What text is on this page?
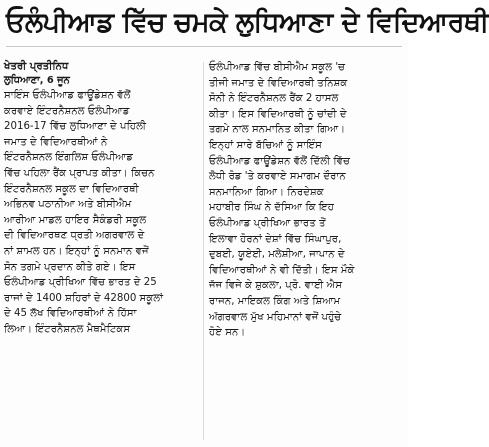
ਓਲੰਪੀਆਡ ਵਿੱਚ ਚਮਕੇ ਲੁਧਿਆਣਾ ਦੇ ਵਿਦਿਆਰਥੀ
ਖੇਤਰੀ ਪ੍ਰਤੀਨਿਧ
ਲੁਧਿਆਣਾ, 6 ਜੂਨ
ਸਾਇੰਸ ਓਲੰਪੀਆਡ ਫਾਊਂਡੇਸ਼ਨ ਵੱਲੋਂ
ਕਰਵਾਏ ਇੰਟਰਨੈਸ਼ਨਲ ਓਲੰਪੀਆਡ
2016-17 ਵਿੱਚ ਲੁਧਿਆਣਾ ਦੇ ਪਹਿਲੀ
ਜਮਾਤ ਦੇ ਵਿਦਿਆਰਥੀਆਂ ਨੇ
ਇੰਟਰਨੈਸ਼ਨਲ ਇੰਗਲਿਸ਼ ਓਲੰਪੀਆਡ
ਵਿੱਚ ਪਹਿਲਾ ਰੈਂਕ ਪ੍ਰਾਪਤ ਕੀਤਾ। ਕਿਚਨ
ਇੰਟਰਨੈਸ਼ਨਲ ਸਕੂਲ ਦਾ ਵਿਦਿਆਰਥੀ
ਅਭਿਨਵ ਪਠਾਨੀਆ ਅਤੇ ਬੀਸੀਐਮ
ਆਰੀਆ ਮਾਡਲ ਹਾਇਰ ਸੈਕੰਡਰੀ ਸਕੂਲ
ਦੀ ਵਿਦਿਆਰਥਣ ਧ੍ਰਤੀ ਅਗਰਵਾਲ ਦੇ
ਨਾਂ ਸ਼ਾਮਲ ਹਨ। ਇਨ੍ਹਾਂ ਨੂੰ ਸਨਮਾਨ ਵਜੋਂ
ਸੋਨ ਤਗਮੇ ਪ੍ਰਦਾਨ ਕੀਤੇ ਗਏ। ਇਸ
ਓਲੰਪੀਆਡ ਪ੍ਰੀਖਿਆ ਵਿੱਚ ਭਾਰਤ ਦੇ 25
ਰਾਜਾਂ ਦੇ 1400 ਸ਼ਹਿਰਾਂ ਦੇ 42800 ਸਕੂਲਾਂ
ਦੇ 45 ਲੱਖ ਵਿਦਿਆਰਥੀਆਂ ਨੇ ਹਿੱਸਾ
ਲਿਆ। ਇੰਟਰਨੈਸ਼ਨਲ ਮੈਥਮੈਟਿਕਸ
ਓਲੰਪੀਆਡ ਵਿੱਚ ਬੀਸੀਐਮ ਸਕੂਲ 'ਚ
ਤੀਜੀ ਜਮਾਤ ਦੇ ਵਿਦਿਆਰਥੀ ਤਨਿਸ਼ਕ
ਸੋਨੀ ਨੇ ਇੰਟਰਨੈਸ਼ਨਲ ਰੈਂਕ 2 ਹਾਸਲ
ਕੀਤਾ। ਇਸ ਵਿਦਿਆਰਥੀ ਨੂੰ ਚਾਂਦੀ ਦੇ
ਤਗਮੇ ਨਾਲ ਸਨਮਾਨਿਤ ਕੀਤਾ ਗਿਆ।
ਇਨ੍ਹਾਂ ਸਾਰੇ ਬੱਚਿਆਂ ਨੂੰ ਸਾਇੰਸ
ਓਲੰਪੀਆਡ ਫਾਊਂਡੇਸ਼ਨ ਵੱਲੋਂ ਦਿੱਲੀ ਵਿੱਚ
ਲੋਧੀ ਰੋਡ 'ਤੇ ਕਰਵਾਏ ਸਮਾਗਮ ਦੌਰਾਨ
ਸਨਮਾਨਿਆ ਗਿਆ। ਨਿਰਦੇਸ਼ਕ
ਮਹਾਬੀਰ ਸਿੰਘ ਨੇ ਦੱਸਿਆ ਕਿ ਇਹ
ਓਲੰਪੀਆਡ ਪ੍ਰੀਖਿਆ ਭਾਰਤ ਤੋਂ
ਇਲਾਵਾ ਹੋਰਨਾਂ ਦੇਸ਼ਾਂ ਵਿੱਚ ਸਿੰਘਾਪੁਰ,
ਦੁਬਈ, ਯੂਏਈ, ਮਲੇਸ਼ੀਆ, ਜਾਪਾਨ ਦੇ
ਵਿਦਿਆਰਥੀਆਂ ਨੇ ਵੀ ਦਿੱਤੀ। ਇਸ ਮੌਕੇ
ਜੱਜ ਵਿਜੇ ਕੇ ਸ਼ੁਕਲਾ, ਪ੍ਰੋ. ਵਾਈ ਐਸ
ਰਾਜਨ, ਮਾਇਕਲ ਕਿੰਗ ਅਤੇ ਸ਼ਿਆਮ
ਅੱਗਰਵਾਲ ਮੁੱਖ ਮਹਿਮਾਨਾਂ ਵਜੋਂ ਪਹੁੰਚੇ
ਹੋਏ ਸਨ।
